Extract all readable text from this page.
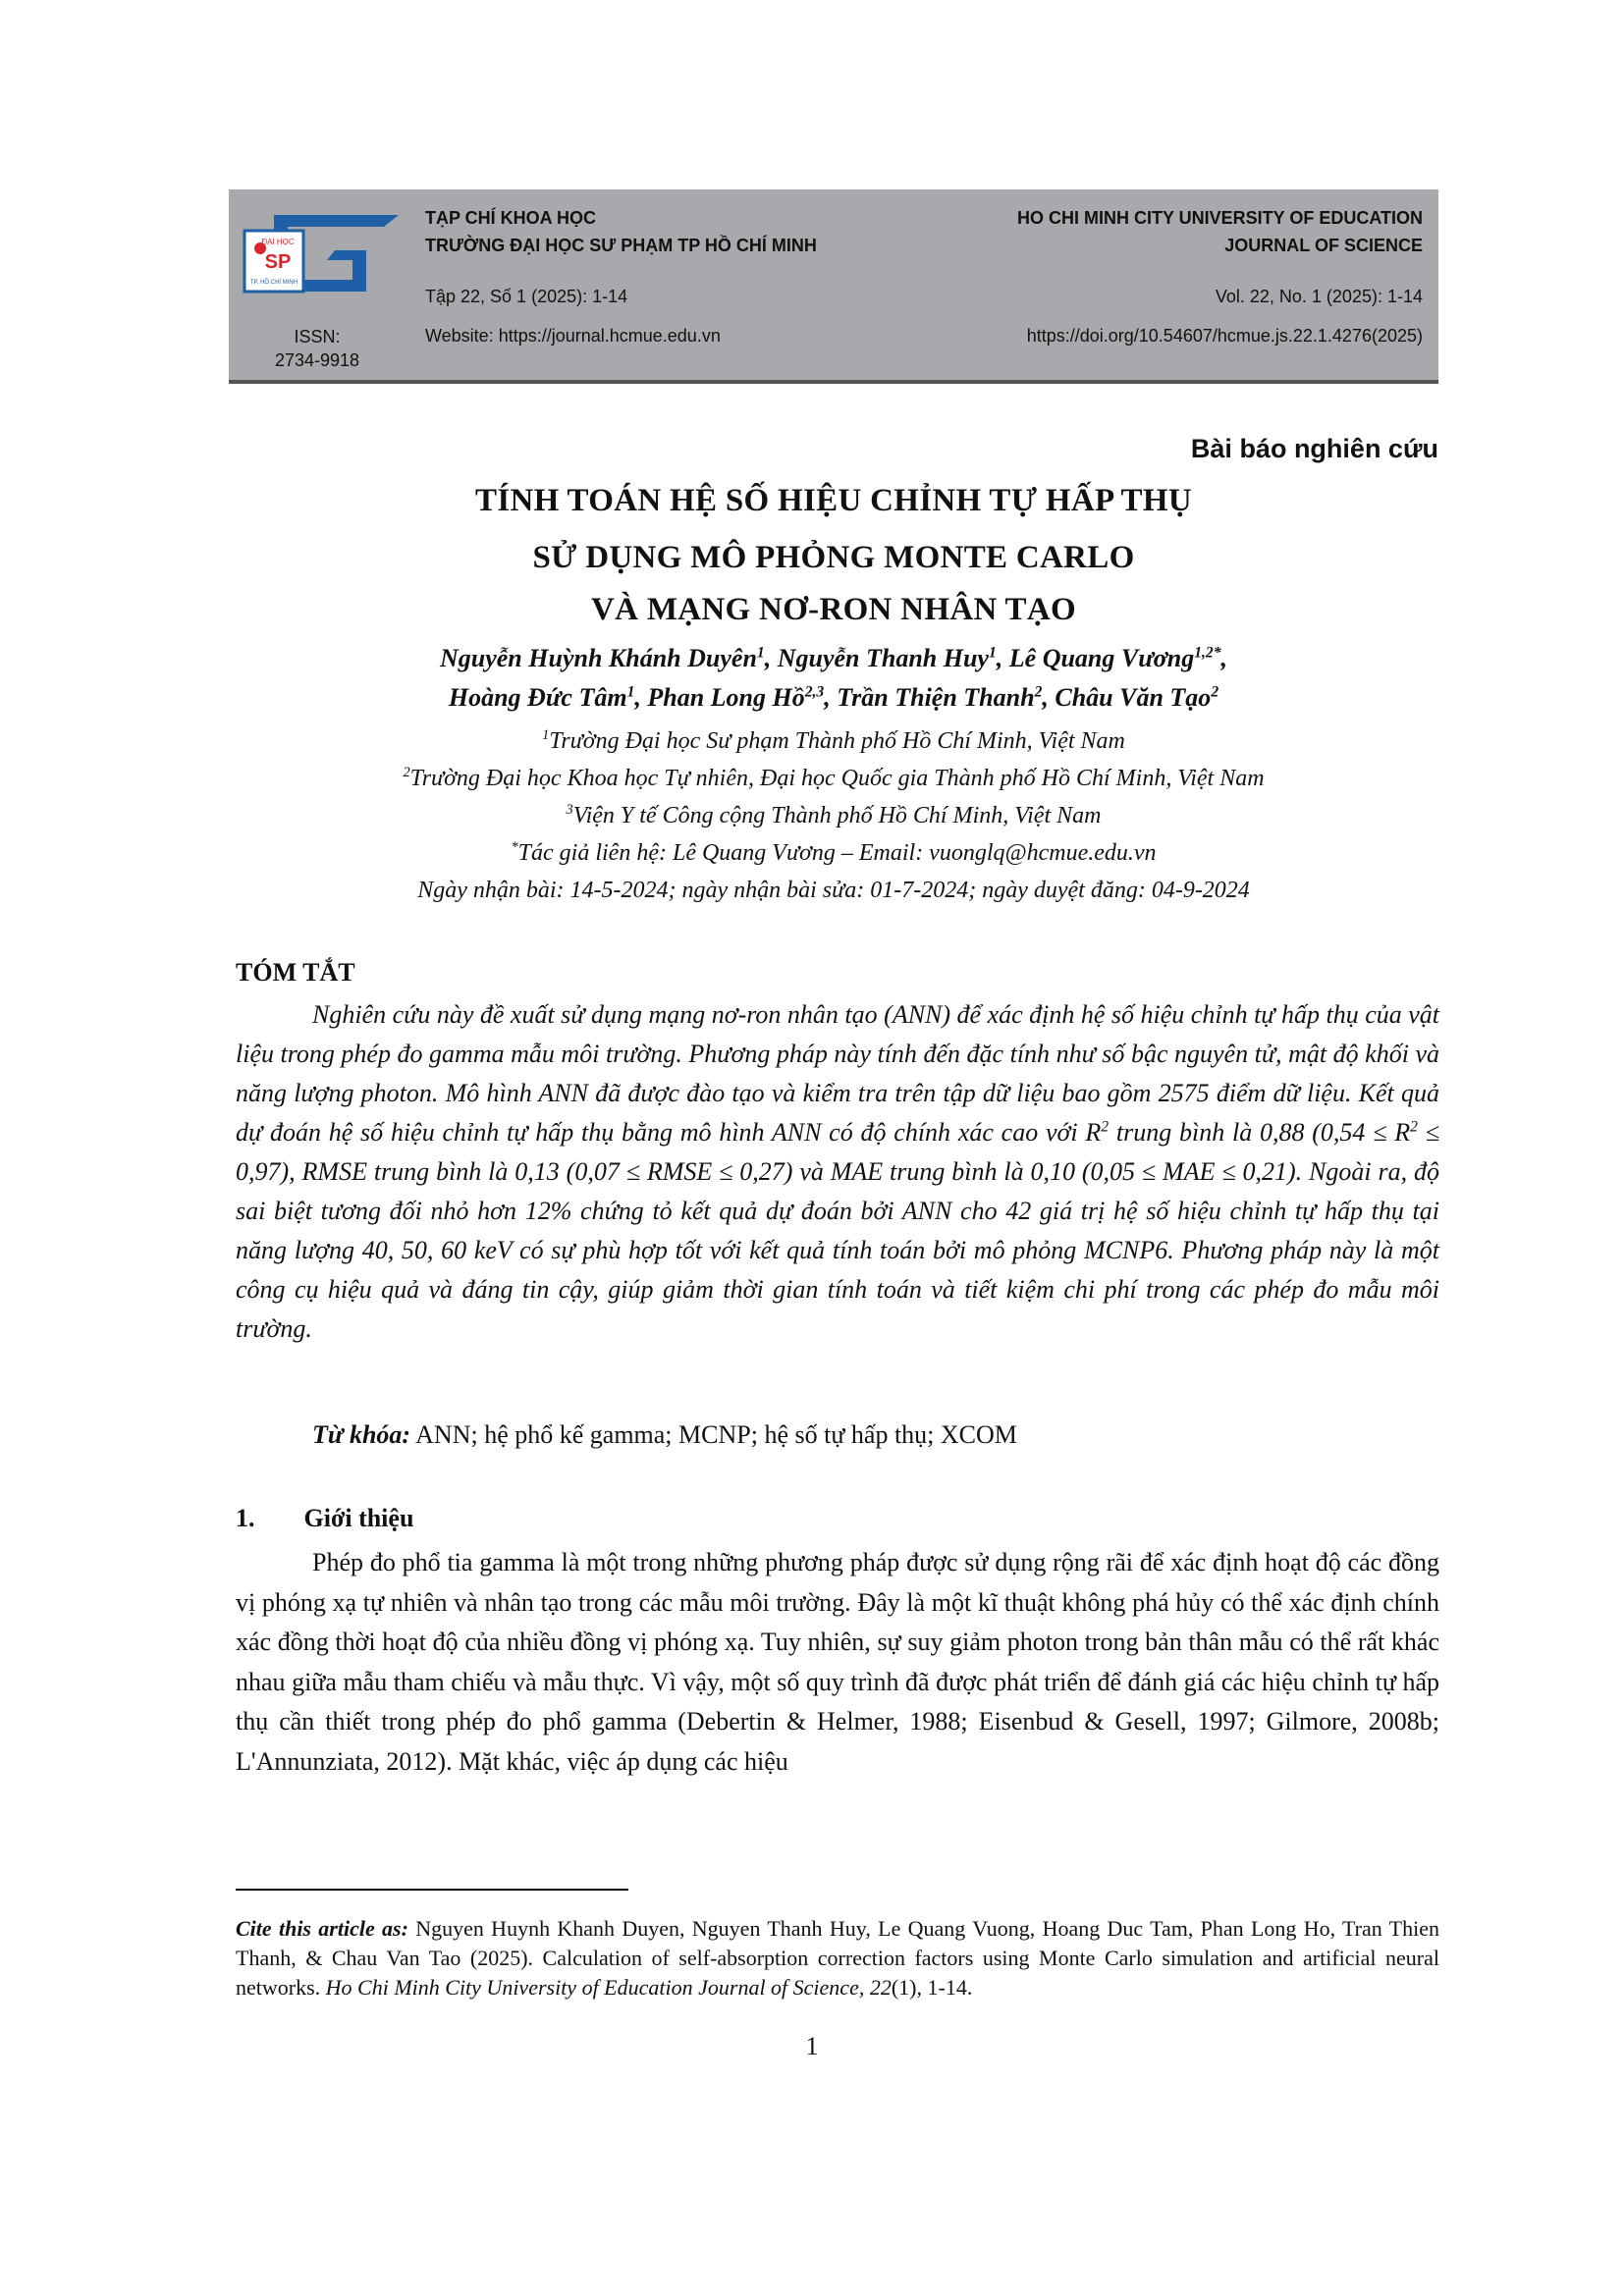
ĐẠI HỌC
SP
TP. HỒ CHÍ MINH
ISSN:
2734-9918
TẠP CHÍ KHOA HỌC
TRƯỜNG ĐẠI HỌC SƯ PHẠM TP HỒ CHÍ MINH
Tập 22, Số 1 (2025): 1-14
Website: https://journal.hcmue.edu.vn
HO CHI MINH CITY UNIVERSITY OF EDUCATION
JOURNAL OF SCIENCE
Vol. 22, No. 1 (2025): 1-14
https://doi.org/10.54607/hcmue.js.22.1.4276(2025)
Bài báo nghiên cứu
TÍNH TOÁN HỆ SỐ HIỆU CHỈNH TỰ HẤP THỤ
SỬ DỤNG MÔ PHỎNG MONTE CARLO
VÀ MẠNG NƠ-RON NHÂN TẠO
Nguyễn Huỳnh Khánh Duyên$^1$, Nguyễn Thanh Huy$^1$, Lê Quang Vương$^{1,2*}$,
Hoàng Đức Tâm$^1$, Phan Long Hồ$^{2,3}$, Trần Thiện Thanh$^2$, Châu Văn Tạo$^2$
$^1$Trường Đại học Sư phạm Thành phố Hồ Chí Minh, Việt Nam
$^2$Trường Đại học Khoa học Tự nhiên, Đại học Quốc gia Thành phố Hồ Chí Minh, Việt Nam
$^3$Viện Y tế Công cộng Thành phố Hồ Chí Minh, Việt Nam
*Tác giả liên hệ: Lê Quang Vương – Email: vuonglq@hcmue.edu.vn
Ngày nhận bài: 14-5-2024; ngày nhận bài sửa: 01-7-2024; ngày duyệt đăng: 04-9-2024
TÓM TẮT

Nghiên cứu này đề xuất sử dụng mạng nơ-ron nhân tạo (ANN) để xác định hệ số hiệu chỉnh tự hấp thụ của vật liệu trong phép đo gamma mẫu môi trường. Phương pháp này tính đến đặc tính như số bậc nguyên tử, mật độ khối và năng lượng photon. Mô hình ANN đã được đào tạo và kiểm tra trên tập dữ liệu bao gồm 2575 điểm dữ liệu. Kết quả dự đoán hệ số hiệu chỉnh tự hấp thụ bằng mô hình ANN có độ chính xác cao với $R^2$ trung bình là 0,88 $(0,54 \le R^2 \le 0,97)$, RMSE trung bình là 0,13 (0,07 ≤ RMSE ≤ 0,27) và MAE trung bình là 0,10 (0,05 ≤ MAE ≤ 0,21). Ngoài ra, độ sai biệt tương đối nhỏ hơn 12% chứng tỏ kết quả dự đoán bởi ANN cho 42 giá trị hệ số hiệu chỉnh tự hấp thụ tại năng lượng 40, 50, 60 keV có sự phù hợp tốt với kết quả tính toán bởi mô phỏng MCNP6. Phương pháp này là một công cụ hiệu quả và đáng tin cậy, giúp giảm thời gian tính toán và tiết kiệm chi phí trong các phép đo mẫu môi trường.

Từ khóa: ANN; hệ phổ kế gamma; MCNP; hệ số tự hấp thụ; XCOM
1. Giới thiệu

Phép đo phổ tia gamma là một trong những phương pháp được sử dụng rộng rãi để xác định hoạt độ các đồng vị phóng xạ tự nhiên và nhân tạo trong các mẫu môi trường. Đây là một kĩ thuật không phá hủy có thể xác định chính xác đồng thời hoạt độ của nhiều đồng vị phóng xạ. Tuy nhiên, sự suy giảm photon trong bản thân mẫu có thể rất khác nhau giữa mẫu tham chiếu và mẫu thực. Vì vậy, một số quy trình đã được phát triển để đánh giá các hiệu chỉnh tự hấp thụ cần thiết trong phép đo phổ gamma (Debertin & Helmer, 1988; Eisenbud & Gesell, 1997; Gilmore, 2008b; L'Annunziata, 2012). Mặt khác, việc áp dụng các hiệu

Cite this article as: Nguyen Huynh Khanh Duyen, Nguyen Thanh Huy, Le Quang Vuong, Hoang Duc Tam, Phan Long Ho, Tran Thien Thanh, & Chau Van Tao (2025). Calculation of self-absorption correction factors using Monte Carlo simulation and artificial neural networks. Ho Chi Minh City University of Education Journal of Science, 22(1), 1-14.
1
